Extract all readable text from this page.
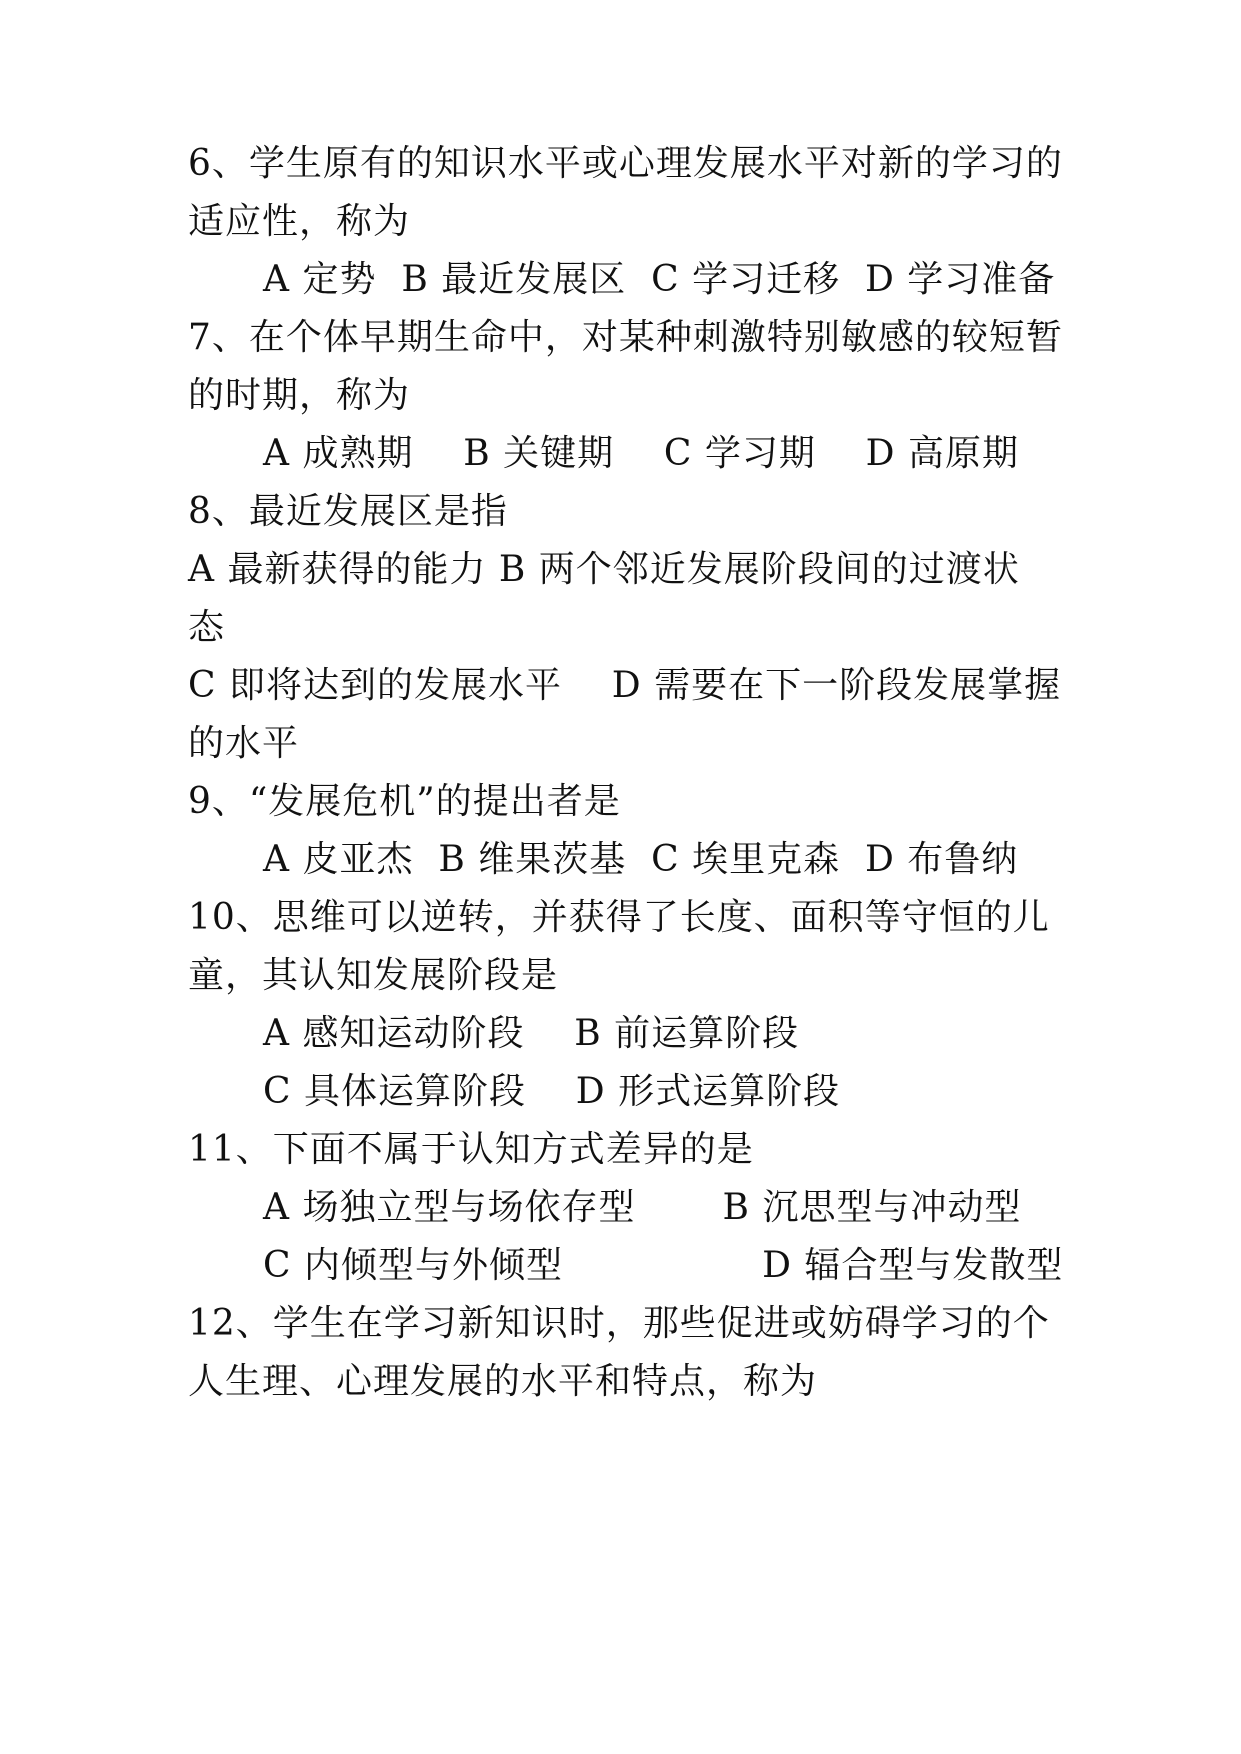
6、学生原有的知识水平或心理发展水平对新的学习的
适应性，称为
A 定势  B 最近发展区  C 学习迁移  D 学习准备
7、在个体早期生命中，对某种刺激特别敏感的较短暂
的时期，称为
A 成熟期    B 关键期    C 学习期    D 高原期
8、最近发展区是指
A 最新获得的能力 B 两个邻近发展阶段间的过渡状
态
C 即将达到的发展水平    D 需要在下一阶段发展掌握
的水平
9、“发展危机”的提出者是
A 皮亚杰  B 维果茨基  C 埃里克森  D 布鲁纳
10、思维可以逆转，并获得了长度、面积等守恒的儿
童，其认知发展阶段是
A 感知运动阶段    B 前运算阶段
C 具体运算阶段    D 形式运算阶段
11、下面不属于认知方式差异的是
A 场独立型与场依存型       B 沉思型与冲动型
C 内倾型与外倾型                D 辐合型与发散型
12、学生在学习新知识时，那些促进或妨碍学习的个
人生理、心理发展的水平和特点，称为
